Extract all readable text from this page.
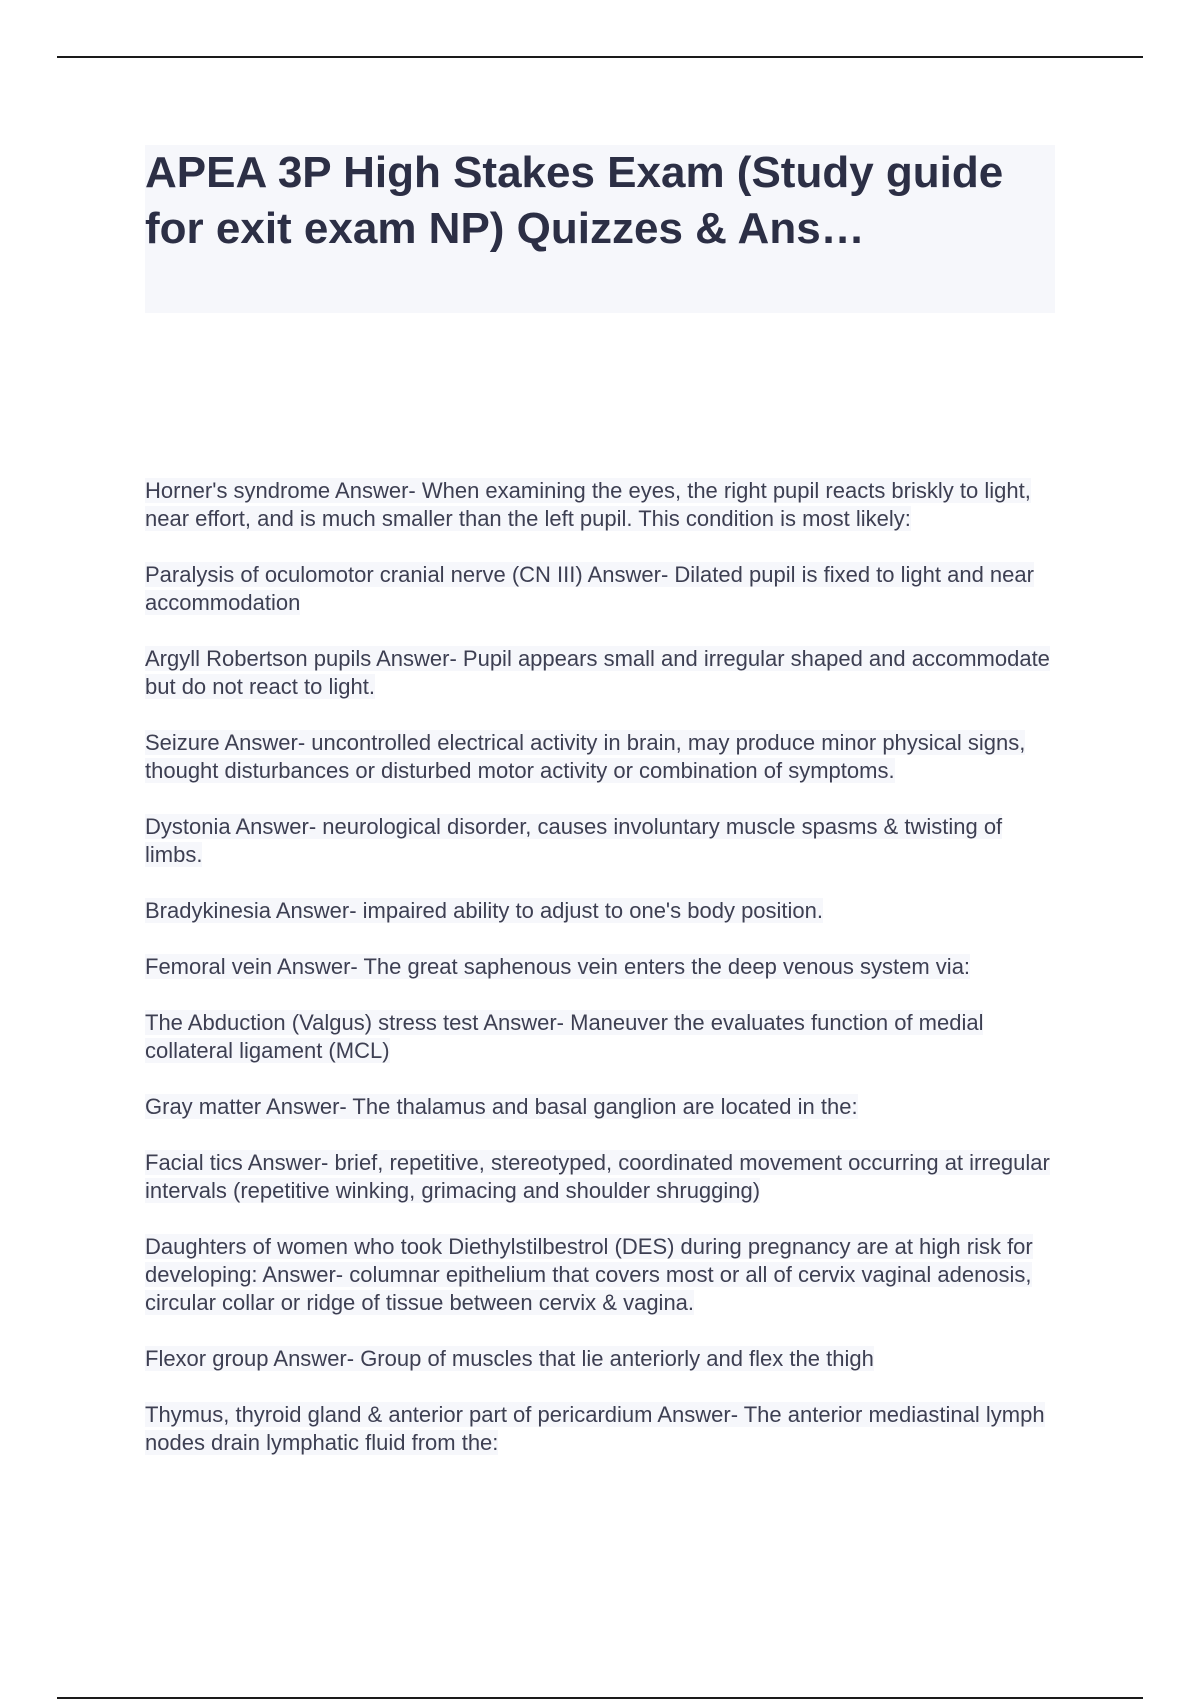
APEA 3P High Stakes Exam (Study guide for exit exam NP) Quizzes & Ans…
Horner's syndrome Answer- When examining the eyes, the right pupil reacts briskly to light, near effort, and is much smaller than the left pupil. This condition is most likely:
Paralysis of oculomotor cranial nerve (CN III) Answer- Dilated pupil is fixed to light and near accommodation
Argyll Robertson pupils Answer- Pupil appears small and irregular shaped and accommodate but do not react to light.
Seizure Answer- uncontrolled electrical activity in brain, may produce minor physical signs, thought disturbances or disturbed motor activity or combination of symptoms.
Dystonia Answer- neurological disorder, causes involuntary muscle spasms & twisting of limbs.
Bradykinesia Answer- impaired ability to adjust to one's body position.
Femoral vein Answer- The great saphenous vein enters the deep venous system via:
The Abduction (Valgus) stress test Answer- Maneuver the evaluates function of medial collateral ligament (MCL)
Gray matter Answer- The thalamus and basal ganglion are located in the:
Facial tics Answer- brief, repetitive, stereotyped, coordinated movement occurring at irregular intervals (repetitive winking, grimacing and shoulder shrugging)
Daughters of women who took Diethylstilbestrol (DES) during pregnancy are at high risk for developing: Answer- columnar epithelium that covers most or all of cervix vaginal adenosis, circular collar or ridge of tissue between cervix & vagina.
Flexor group Answer- Group of muscles that lie anteriorly and flex the thigh
Thymus, thyroid gland & anterior part of pericardium Answer- The anterior mediastinal lymph nodes drain lymphatic fluid from the:
